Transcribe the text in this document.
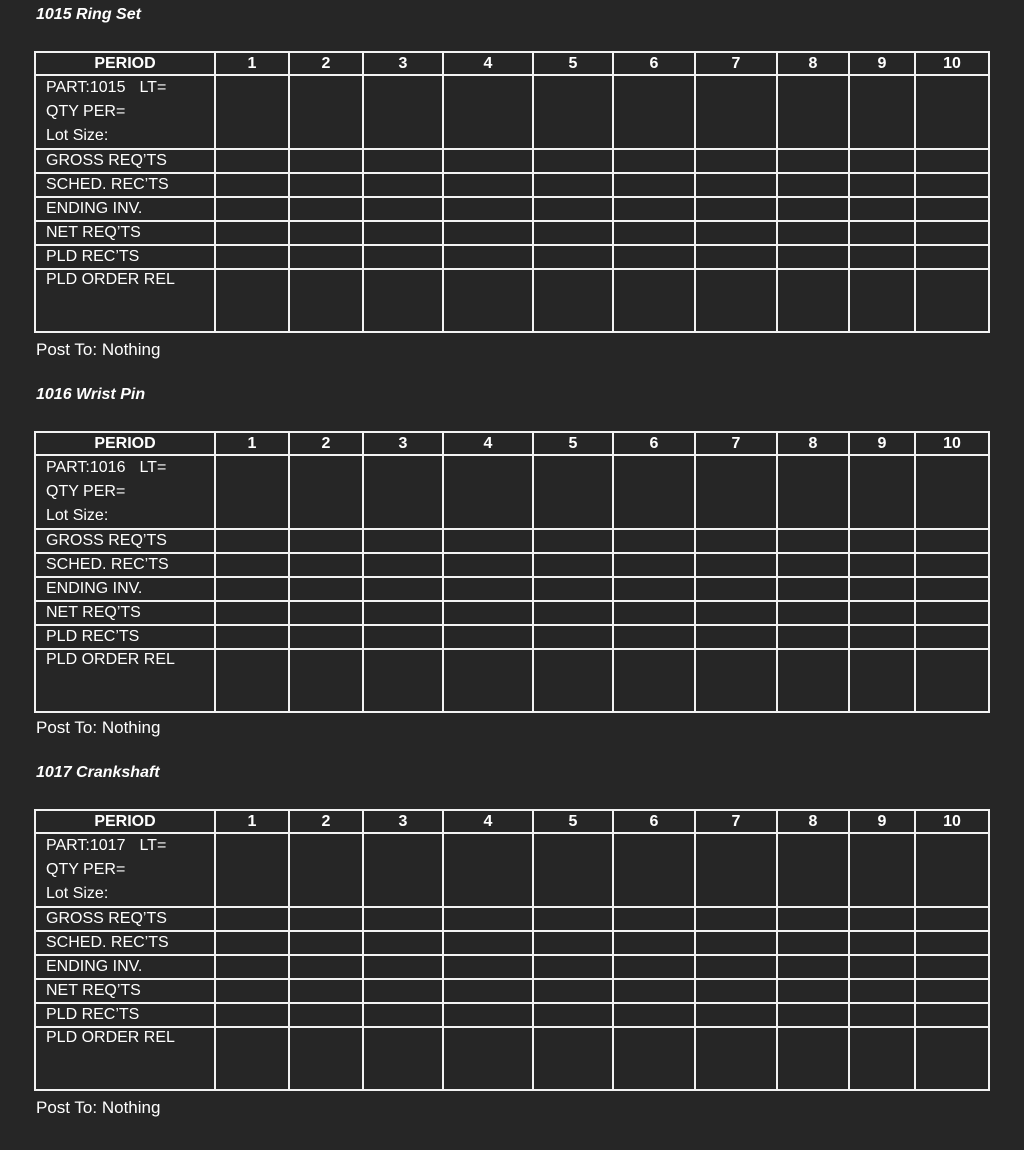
1015 Ring Set
PERIOD	1	2	3	4	5	6	7	8	9	10

PART:1015 LT=
QTY PER=
Lot Size:										

GROSS REQ’TS										
SCHED. REC’TS										
ENDING INV.										
NET REQ’TS										
PLD REC’TS										
PLD ORDER REL										
Post To: Nothing
1016 Wrist Pin
PERIOD	1	2	3	4	5	6	7	8	9	10

PART:1016 LT=
QTY PER=
Lot Size:										

GROSS REQ’TS										
SCHED. REC’TS										
ENDING INV.										
NET REQ’TS										
PLD REC’TS										
PLD ORDER REL										
Post To: Nothing
1017 Crankshaft
PERIOD	1	2	3	4	5	6	7	8	9	10

PART:1017 LT=
QTY PER=
Lot Size:										

GROSS REQ’TS										
SCHED. REC’TS										
ENDING INV.										
NET REQ’TS										
PLD REC’TS										
PLD ORDER REL										
Post To: Nothing
